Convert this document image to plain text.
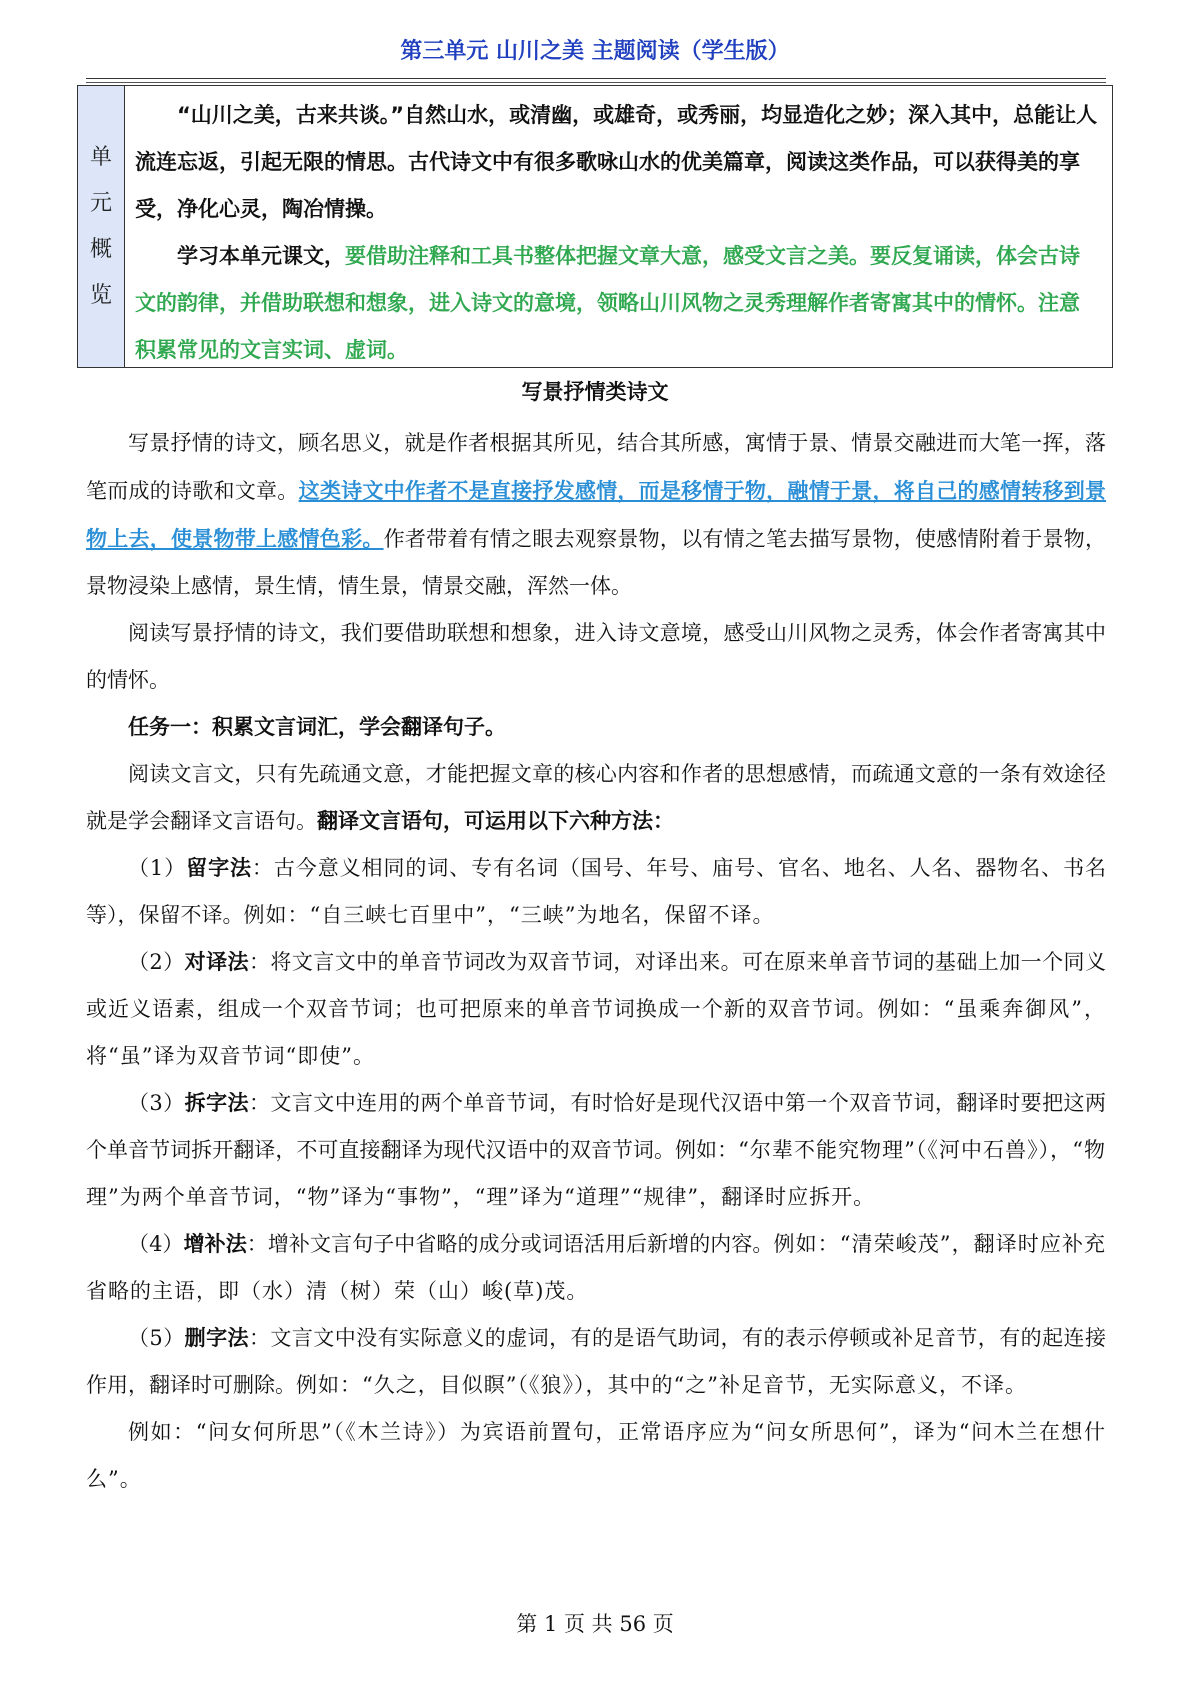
第三单元 山川之美 主题阅读（学生版）
单
元
概
览

“山川之美，古来共谈。”自然山水，或清幽，或雄奇，或秀丽，均显造化之妙；深入其中，总能让人流连忘返，引起无限的情思。古代诗文中有很多歌咏山水的优美篇章，阅读这类作品，可以获得美的享受，净化心灵，陶冶情操。

学习本单元课文，要借助注释和工具书整体把握文章大意，感受文言之美。要反复诵读，体会古诗文的韵律，并借助联想和想象，进入诗文的意境，领略山川风物之灵秀理解作者寄寓其中的情怀。注意积累常见的文言实词、虚词。

写景抒情类诗文

写景抒情的诗文，顾名思义，就是作者根据其所见，结合其所感，寓情于景、情景交融进而大笔一挥，落笔而成的诗歌和文章。这类诗文中作者不是直接抒发感情，而是移情于物，融情于景，将自己的感情转移到景物上去，使景物带上感情色彩。作者带着有情之眼去观察景物，以有情之笔去描写景物，使感情附着于景物，景物浸染上感情，景生情，情生景，情景交融，浑然一体。

阅读写景抒情的诗文，我们要借助联想和想象，进入诗文意境，感受山川风物之灵秀，体会作者寄寓其中的情怀。

任务一：积累文言词汇，学会翻译句子。

阅读文言文，只有先疏通文意，才能把握文章的核心内容和作者的思想感情，而疏通文意的一条有效途径就是学会翻译文言语句。翻译文言语句，可运用以下六种方法：

（1）留字法：古今意义相同的词、专有名词（国号、年号、庙号、官名、地名、人名、器物名、书名等），保留不译。例如：“自三峡七百里中”，“三峡”为地名，保留不译。

（2）对译法：将文言文中的单音节词改为双音节词，对译出来。可在原来单音节词的基础上加一个同义或近义语素，组成一个双音节词；也可把原来的单音节词换成一个新的双音节词。例如：“虽乘奔御风”，将“虽”译为双音节词“即使”。

（3）拆字法：文言文中连用的两个单音节词，有时恰好是现代汉语中第一个双音节词，翻译时要把这两个单音节词拆开翻译，不可直接翻译为现代汉语中的双音节词。例如：“尔辈不能究物理”（《河中石兽》），“物理”为两个单音节词，“物”译为“事物”，“理”译为“道理”“规律”，翻译时应拆开。

（4）增补法：增补文言句子中省略的成分或词语活用后新增的内容。例如：“清荣峻茂”，翻译时应补充省略的主语，即（水）清（树）荣（山）峻(草)茂。

（5）删字法：文言文中没有实际意义的虚词，有的是语气助词，有的表示停顿或补足音节，有的起连接作用，翻译时可删除。例如：“久之，目似瞑”（《狼》），其中的“之”补足音节，无实际意义，不译。

例如：“问女何所思”（《木兰诗》）为宾语前置句，正常语序应为“问女所思何”，译为“问木兰在想什么”。

第 1 页 共 56 页
